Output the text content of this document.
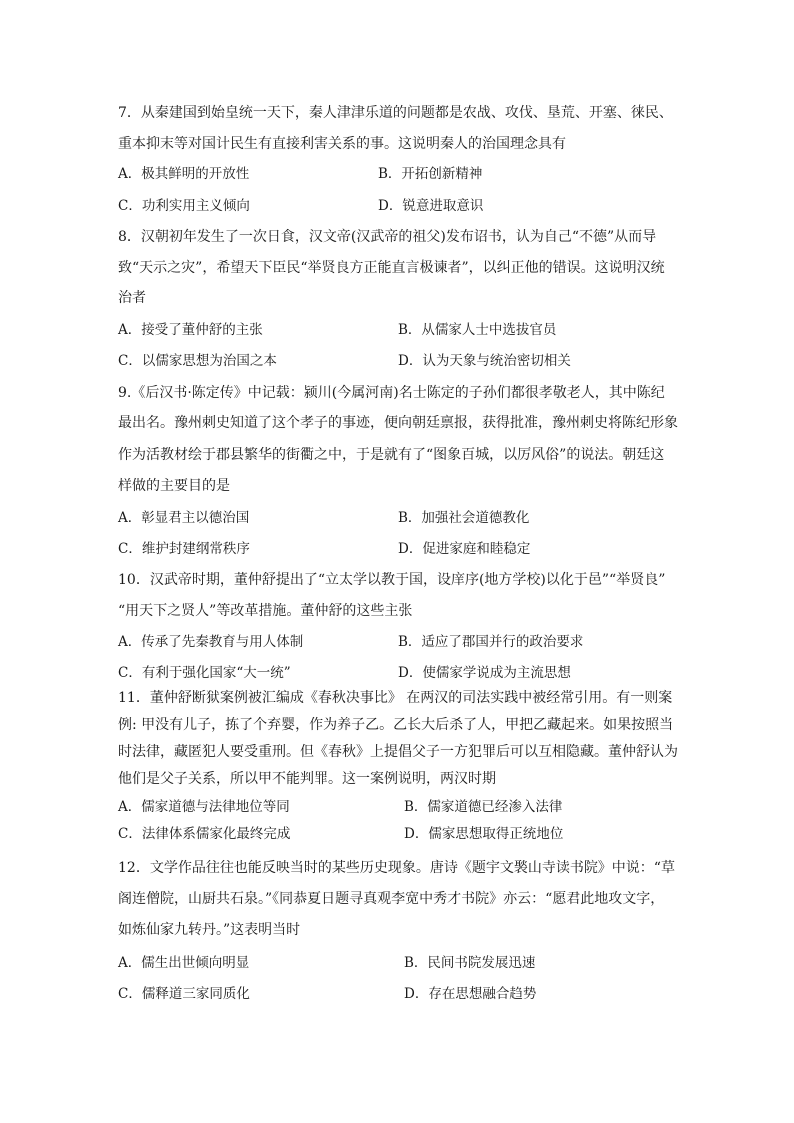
7．从秦建国到始皇统一天下，秦人津津乐道的问题都是农战、攻伐、垦荒、开塞、徕民、
重本抑末等对国计民生有直接利害关系的事。这说明秦人的治国理念具有
A．极其鲜明的开放性	B．开拓创新精神
C．功利实用主义倾向	D．锐意进取意识
8．汉朝初年发生了一次日食，汉文帝(汉武帝的祖父)发布诏书，认为自己“不德”从而导
致“天示之灾”，希望天下臣民“举贤良方正能直言极谏者”，以纠正他的错误。这说明汉统
治者
A．接受了董仲舒的主张	B．从儒家人士中选拔官员
C．以儒家思想为治国之本	D．认为天象与统治密切相关
9.《后汉书·陈定传》中记载：颍川(今属河南)名士陈定的子孙们都很孝敬老人，其中陈纪
最出名。豫州刺史知道了这个孝子的事迹，便向朝廷禀报，获得批准，豫州刺史将陈纪形象
作为活教材绘于郡县繁华的街衢之中，于是就有了“图象百城，以厉风俗”的说法。朝廷这
样做的主要目的是
A．彰显君主以德治国	B．加强社会道德教化
C．维护封建纲常秩序	D．促进家庭和睦稳定
10．汉武帝时期，董仲舒提出了“立太学以教于国，设庠序(地方学校)以化于邑”“举贤良”
“用天下之贤人”等改革措施。董仲舒的这些主张
A．传承了先秦教育与用人体制	B．适应了郡国并行的政治要求
C．有利于强化国家“大一统”	D．使儒家学说成为主流思想
11．董仲舒断狱案例被汇编成《春秋决事比》 在两汉的司法实践中被经常引用。有一则案
例: 甲没有儿子，拣了个弃婴，作为养子乙。乙长大后杀了人，甲把乙藏起来。如果按照当
时法律，藏匿犯人要受重刑。但《春秋》上提倡父子一方犯罪后可以互相隐藏。董仲舒认为
他们是父子关系，所以甲不能判罪。这一案例说明，两汉时期
A．儒家道德与法律地位等同	B．儒家道德已经渗入法律
C．法律体系儒家化最终完成	D．儒家思想取得正统地位
12．文学作品往往也能反映当时的某些历史现象。唐诗《题宇文褧山寺读书院》中说：“草
阁连僧院，山厨共石泉。”《同恭夏日题寻真观李宽中秀才书院》亦云：“愿君此地攻文字，
如炼仙家九转丹。”这表明当时
A．儒生出世倾向明显	B．民间书院发展迅速
C．儒释道三家同质化	D．存在思想融合趋势
